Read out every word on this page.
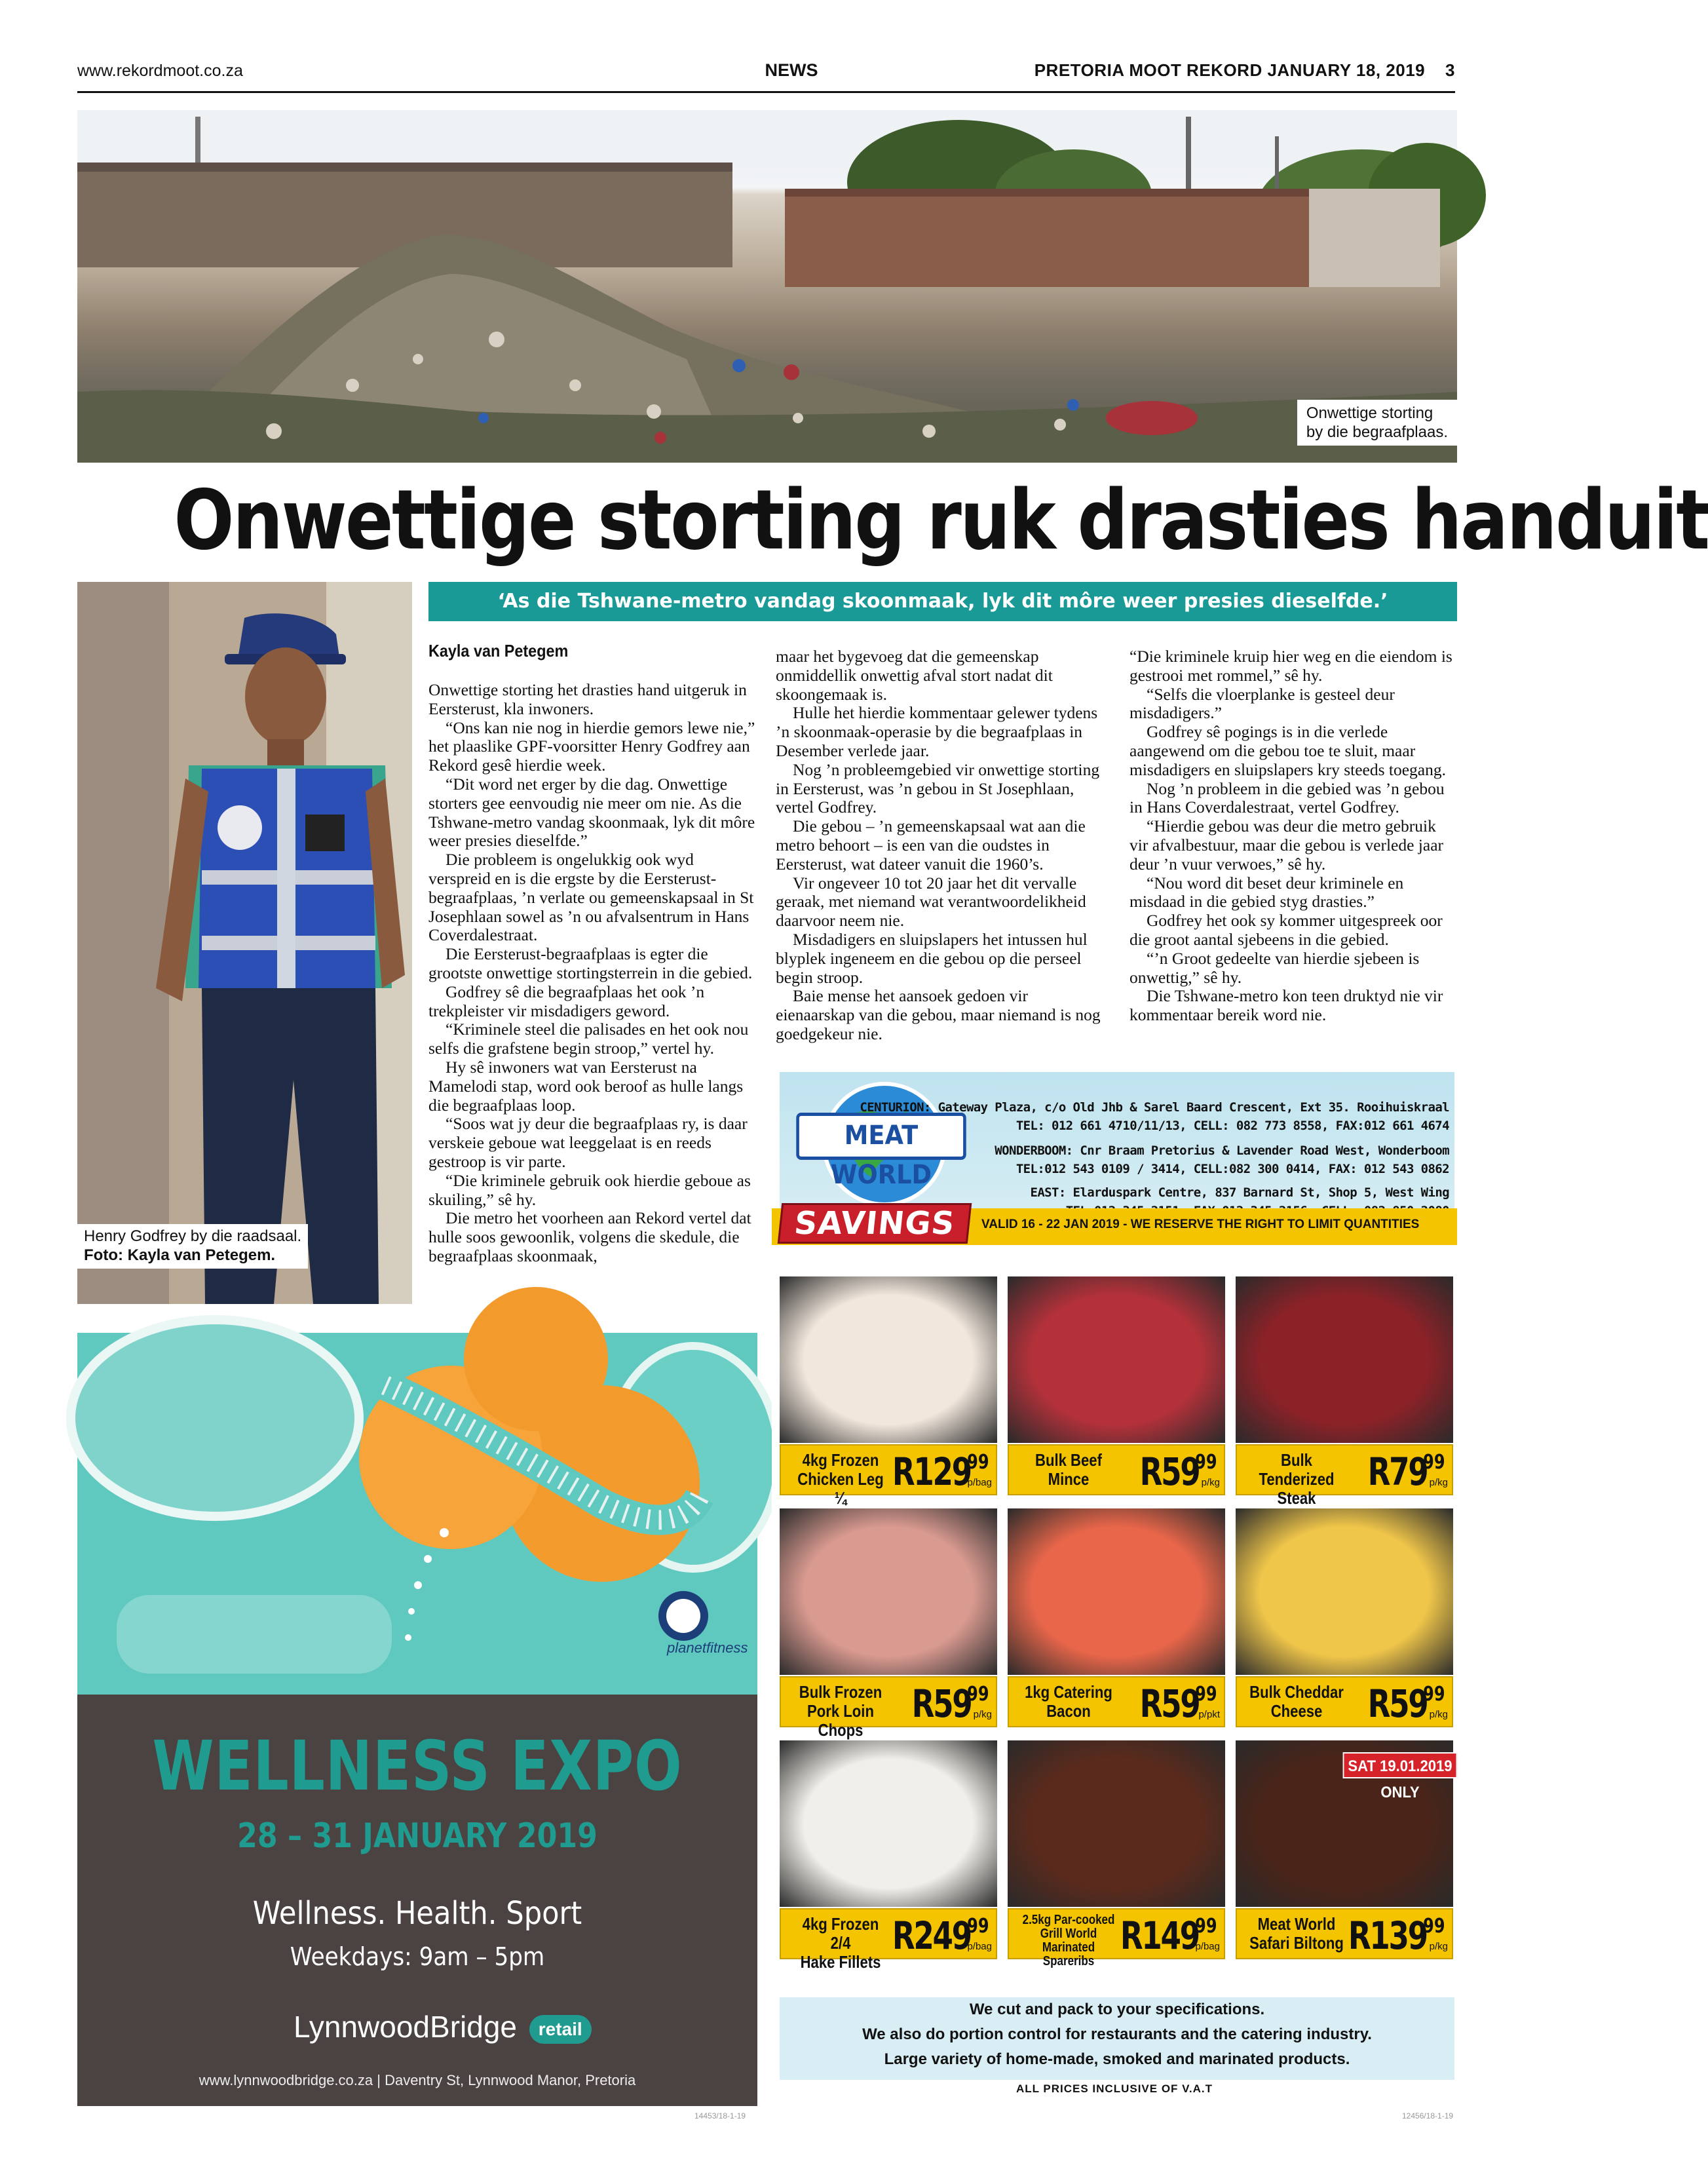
www.rekordmoot.co.za	NEWS	PRETORIA MOOT REKORD JANUARY 18, 2019 3
Onwettige storting
by die begraafplaas.
Onwettige storting ruk drasties handuit
‘As die Tshwane-metro vandag skoonmaak, lyk dit môre weer presies dieselfde.’
Henry Godfrey by die raadsaal.
Foto: Kayla van Petegem.
Kayla van Petegem

Onwettige storting het drasties hand uitgeruk in Eersterust, kla inwoners.

“Ons kan nie nog in hierdie gemors lewe nie,” het plaaslike GPF-voorsitter Henry Godfrey aan Rekord gesê hierdie week.

“Dit word net erger by die dag. Onwettige storters gee eenvoudig nie meer om nie. As die Tshwane-metro vandag skoonmaak, lyk dit môre weer presies dieselfde.”

Die probleem is ongelukkig ook wyd verspreid en is die ergste by die Eersterust-begraafplaas, ’n verlate ou gemeenskapsaal in St Josephlaan sowel as ’n ou afvalsentrum in Hans Coverdalestraat.

Die Eersterust-begraafplaas is egter die grootste onwettige stortingsterrein in die gebied.

Godfrey sê die begraafplaas het ook ’n trekpleister vir misdadigers geword.

“Kriminele steel die palisades en het ook nou selfs die grafstene begin stroop,” vertel hy.

Hy sê inwoners wat van Eersterust na Mamelodi stap, word ook beroof as hulle langs die begraafplaas loop.

“Soos wat jy deur die begraafplaas ry, is daar verskeie geboue wat leeggelaat is en reeds gestroop is vir parte.

“Die kriminele gebruik ook hierdie geboue as skuiling,” sê hy.

Die metro het voorheen aan Rekord vertel dat hulle soos gewoonlik, volgens die skedule, die begraafplaas skoonmaak,

maar het bygevoeg dat die gemeenskap onmiddellik onwettig afval stort nadat dit skoongemaak is.

Hulle het hierdie kommentaar gelewer tydens ’n skoonmaak-operasie by die begraafplaas in Desember verlede jaar.

Nog ’n probleemgebied vir onwettige storting in Eersterust, was ’n gebou in St Josephlaan, vertel Godfrey.

Die gebou – ’n gemeenskapsaal wat aan die metro behoort – is een van die oudstes in Eersterust, wat dateer vanuit die 1960’s.

Vir ongeveer 10 tot 20 jaar het dit vervalle geraak, met niemand wat verantwoordelikheid daarvoor neem nie.

Misdadigers en sluipslapers het intussen hul blyplek ingeneem en die gebou op die perseel begin stroop.

Baie mense het aansoek gedoen vir eienaarskap van die gebou, maar niemand is nog goedgekeur nie.

“Die kriminele kruip hier weg en die eiendom is gestrooi met rommel,” sê hy.

“Selfs die vloerplanke is gesteel deur misdadigers.”

Godfrey sê pogings is in die verlede aangewend om die gebou toe te sluit, maar misdadigers en sluipslapers kry steeds toegang.

Nog ’n probleem in die gebied was ’n gebou in Hans Coverdalestraat, vertel Godfrey.

“Hierdie gebou was deur die metro gebruik vir afvalbestuur, maar die gebou is verlede jaar deur ’n vuur verwoes,” sê hy.

“Nou word dit beset deur kriminele en misdaad in die gebied styg drasties.”

Godfrey het ook sy kommer uitgespreek oor die groot aantal sjebeens in die gebied.

“’n Groot gedeelte van hierdie sjebeen is onwettig,” sê hy.

Die Tshwane-metro kon teen druktyd nie vir kommentaar bereik word nie.

planetfitness
WELLNESS EXPO
28 – 31 JANUARY 2019
Wellness. Health. Sport
Weekdays: 9am – 5pm
LynnwoodBridge retail
www.lynnwoodbridge.co.za | Daventry St, Lynnwood Manor, Pretoria
14453/18-1-19
MEAT WORLD
CENTURION: Gateway Plaza, c/o Old Jhb & Sarel Baard Crescent, Ext 35. Rooihuiskraal
TEL: 012 661 4710/11/13, CELL: 082 773 8558, FAX:012 661 4674
WONDERBOOM: Cnr Braam Pretorius & Lavender Road West, Wonderboom
TEL:012 543 0109 / 3414, CELL:082 300 0414, FAX: 012 543 0862
EAST: Elarduspark Centre, 837 Barnard St, Shop 5, West Wing
SAVINGS	VALID 16 - 22 JAN 2019 - WE RESERVE THE RIGHT TO LIMIT QUANTITIES
4kg Frozen
Chicken Leg ¼
R129
99
p/bag
Bulk Beef
Mince	R59
99
p/kg
Bulk Tenderized
Steak
R79
99
p/kg
Bulk Frozen
Pork Loin Chops
R59
99
p/kg
1kg Catering
Bacon	R59
99
p/pkt
Bulk Cheddar
Cheese	R59
99
p/kg
4kg Frozen 2/4
Hake Fillets
R249
99
p/bag
2.5kg Par-cooked
Grill World
Marinated Spareribs
R149
99
p/bag
Meat World
Safari Biltong R139
99
p/kg
SAT 19.01.2019 ONLY
We cut and pack to your specifications.
We also do portion control for restaurants and the catering industry.
Large variety of home-made, smoked and marinated products.
ALL PRICES INCLUSIVE OF V.A.T
12456/18-1-19
